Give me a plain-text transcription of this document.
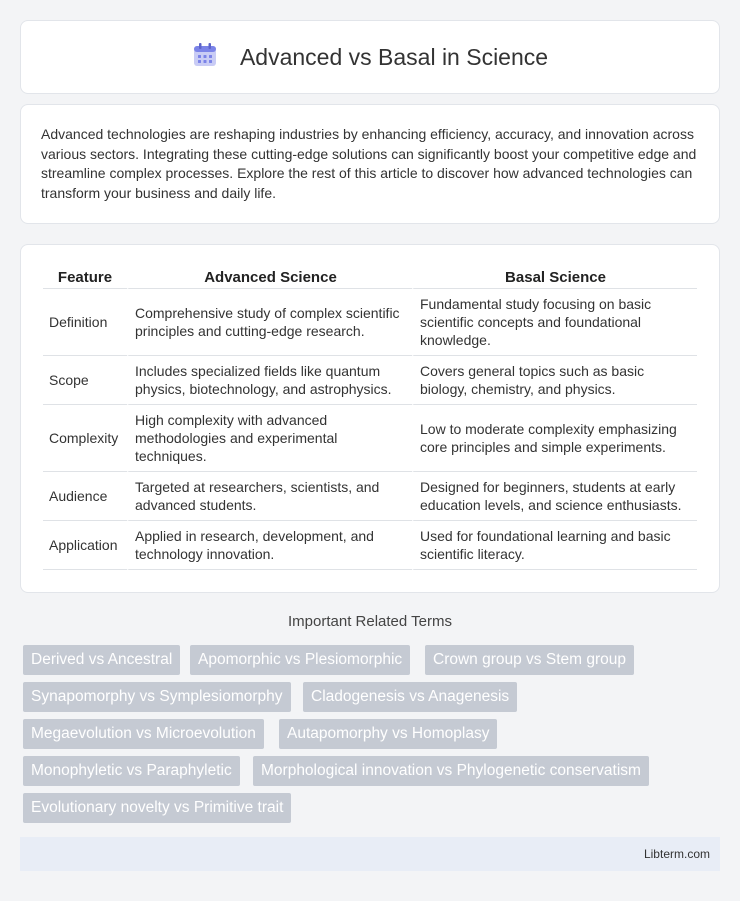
Advanced vs Basal in Science

Advanced technologies are reshaping industries by enhancing efficiency, accuracy, and innovation across various sectors. Integrating these cutting-edge solutions can significantly boost your competitive edge and streamline complex processes. Explore the rest of this article to discover how advanced technologies can transform your business and daily life.

Feature	Advanced Science	Basal Science
Definition	Comprehensive study of complex scientific principles and cutting-edge research.	Fundamental study focusing on basic scientific concepts and foundational knowledge.
Scope	Includes specialized fields like quantum physics, biotechnology, and astrophysics.	Covers general topics such as basic biology, chemistry, and physics.
Complexity	High complexity with advanced methodologies and experimental techniques.	Low to moderate complexity emphasizing core principles and simple experiments.
Audience	Targeted at researchers, scientists, and advanced students.	Designed for beginners, students at early education levels, and science enthusiasts.
Application	Applied in research, development, and technology innovation.	Used for foundational learning and basic scientific literacy.
Important Related Terms
Derived vs Ancestral	Apomorphic vs Plesiomorphic	Crown group vs Stem group
Synapomorphy vs Symplesiomorphy	Cladogenesis vs Anagenesis
Megaevolution vs Microevolution	Autapomorphy vs Homoplasy
Monophyletic vs Paraphyletic	Morphological innovation vs Phylogenetic conservatism
Evolutionary novelty vs Primitive trait
Libterm.com
